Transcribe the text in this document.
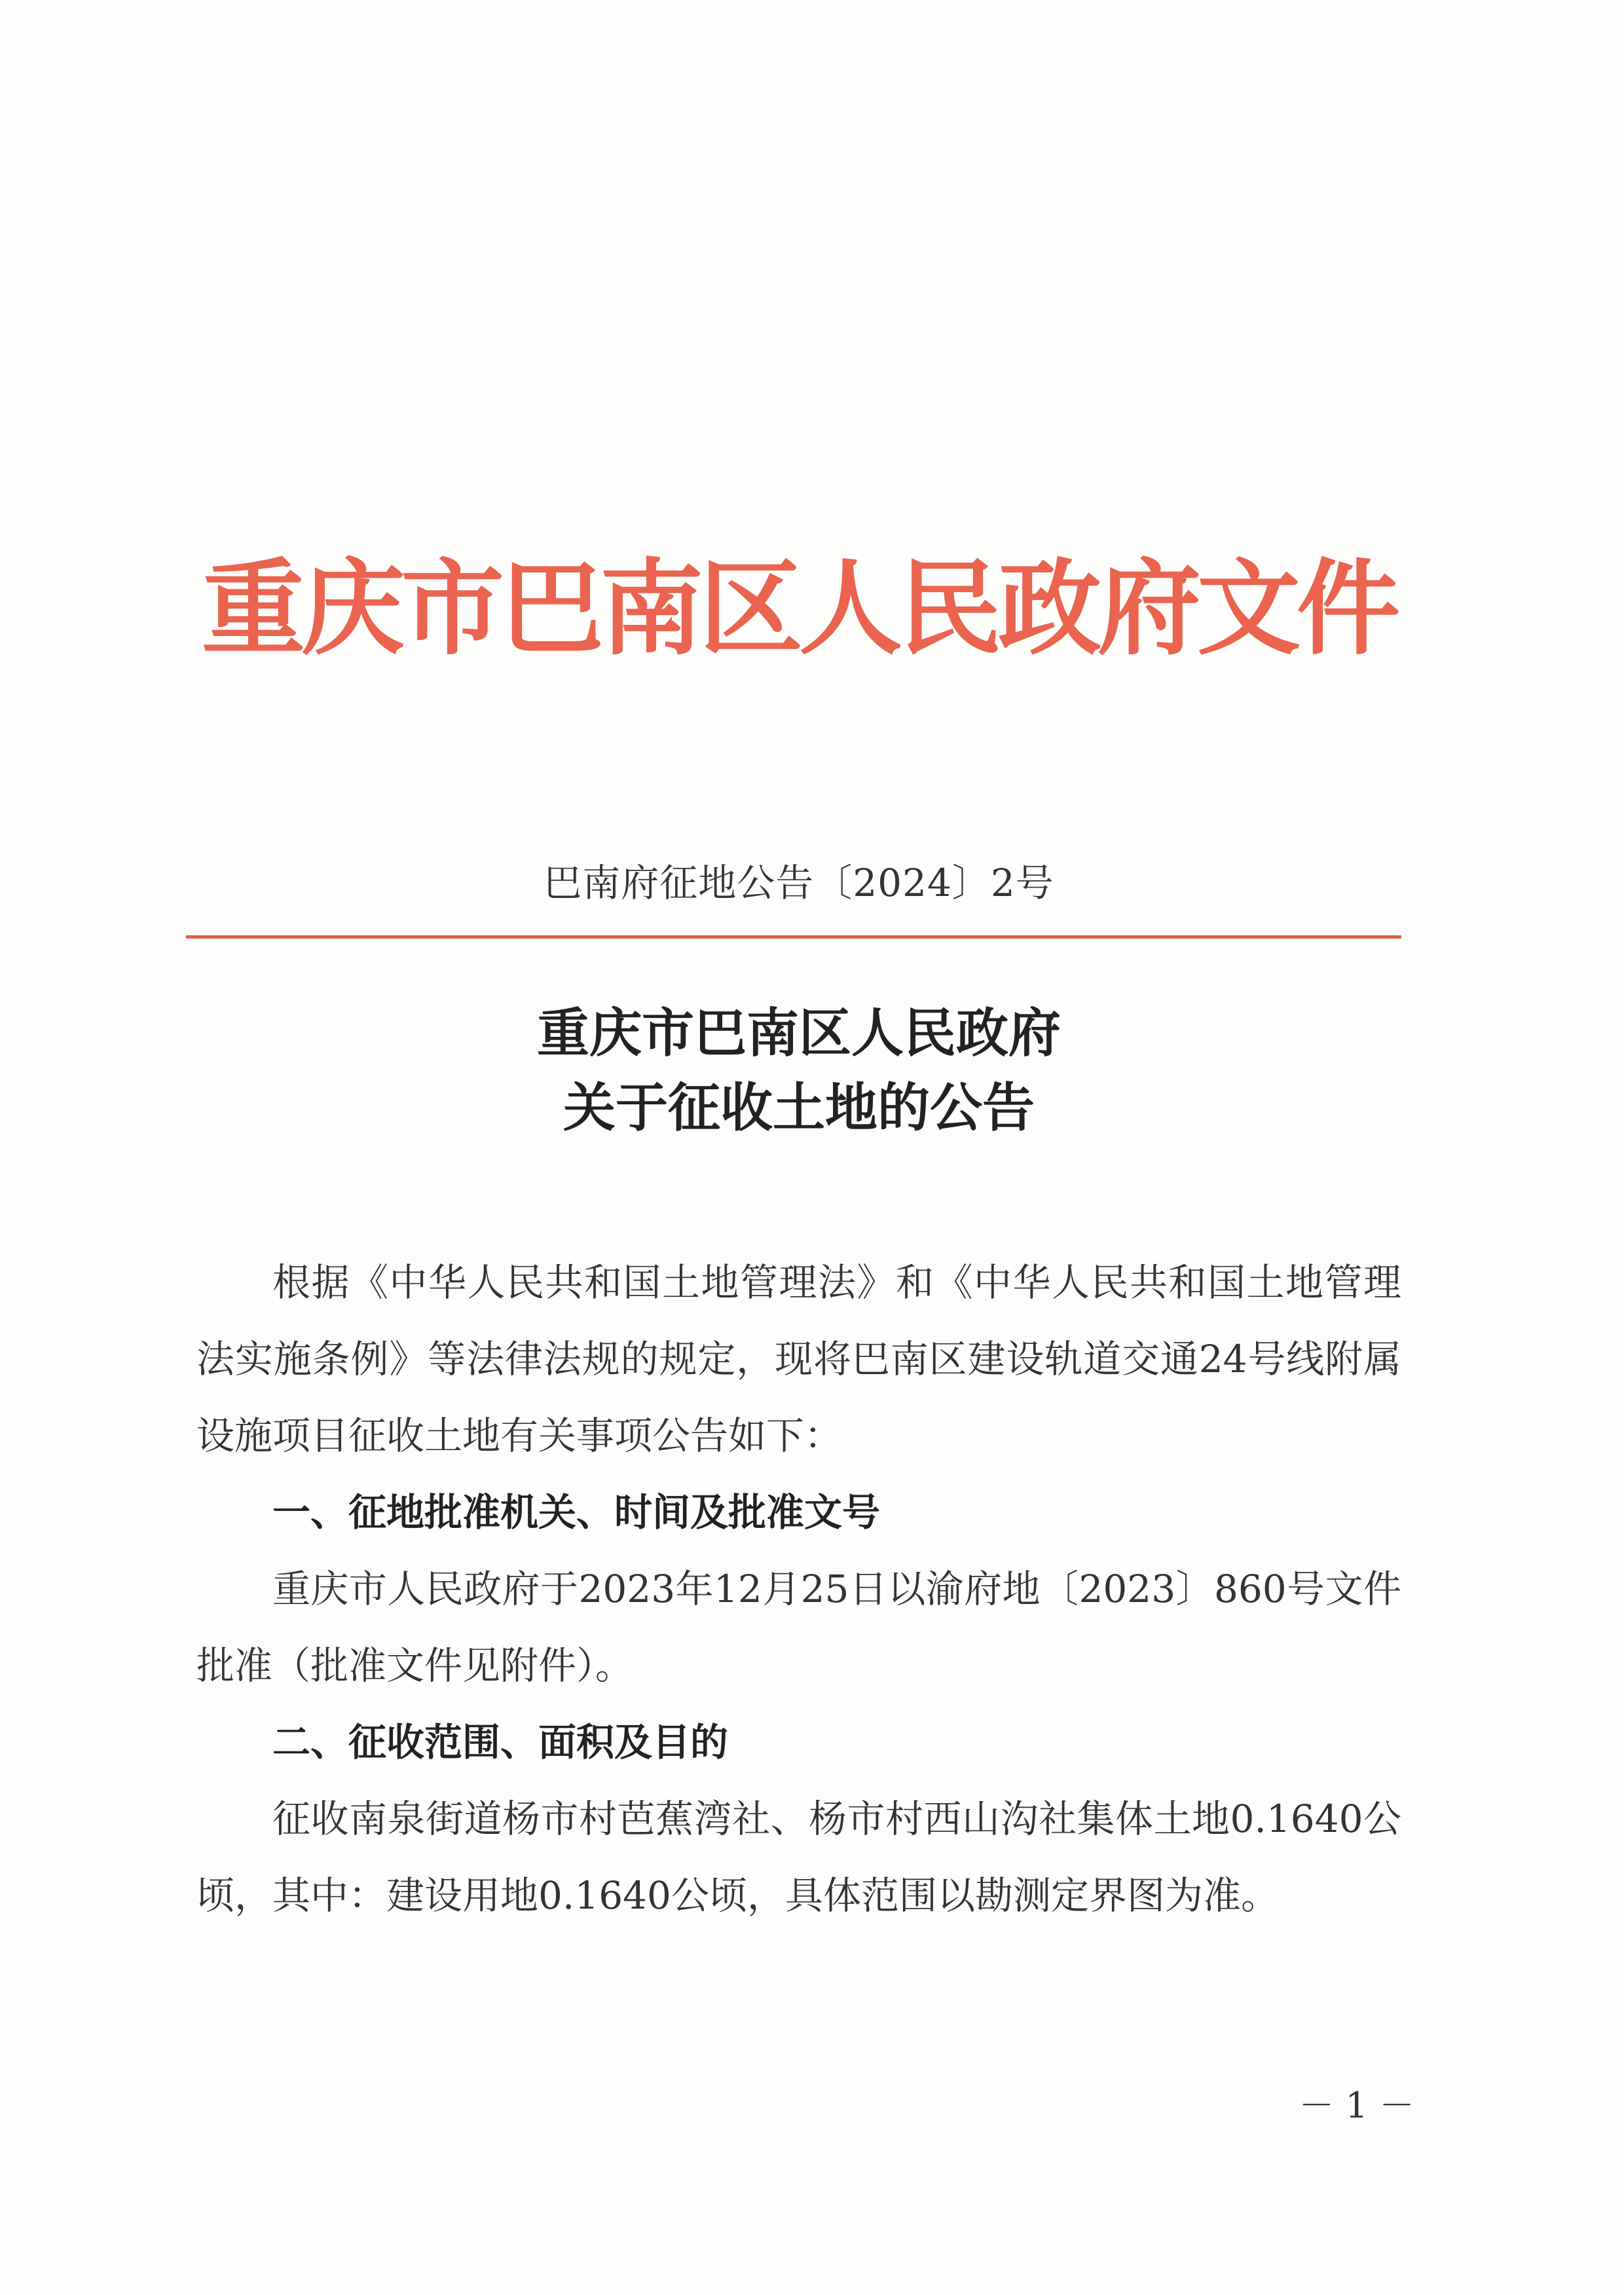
重庆市巴南区人民政府文件
巴南府征地公告〔2024〕2号
重庆市巴南区人民政府
关于征收土地的公告

根据《中华人民共和国土地管理法》和《中华人民共和国土地管理法实施条例》等法律法规的规定，现将巴南区建设轨道交通24号线附属设施项目征收土地有关事项公告如下：

一、征地批准机关、时间及批准文号

重庆市人民政府于2023年12月25日以渝府地〔2023〕860号文件批准（批准文件见附件）。

二、征收范围、面积及目的

征收南泉街道杨市村芭蕉湾社、杨市村西山沟社集体土地0.1640公顷，其中：建设用地0.1640公顷，具体范围以勘测定界图为准。

－ 1 －
